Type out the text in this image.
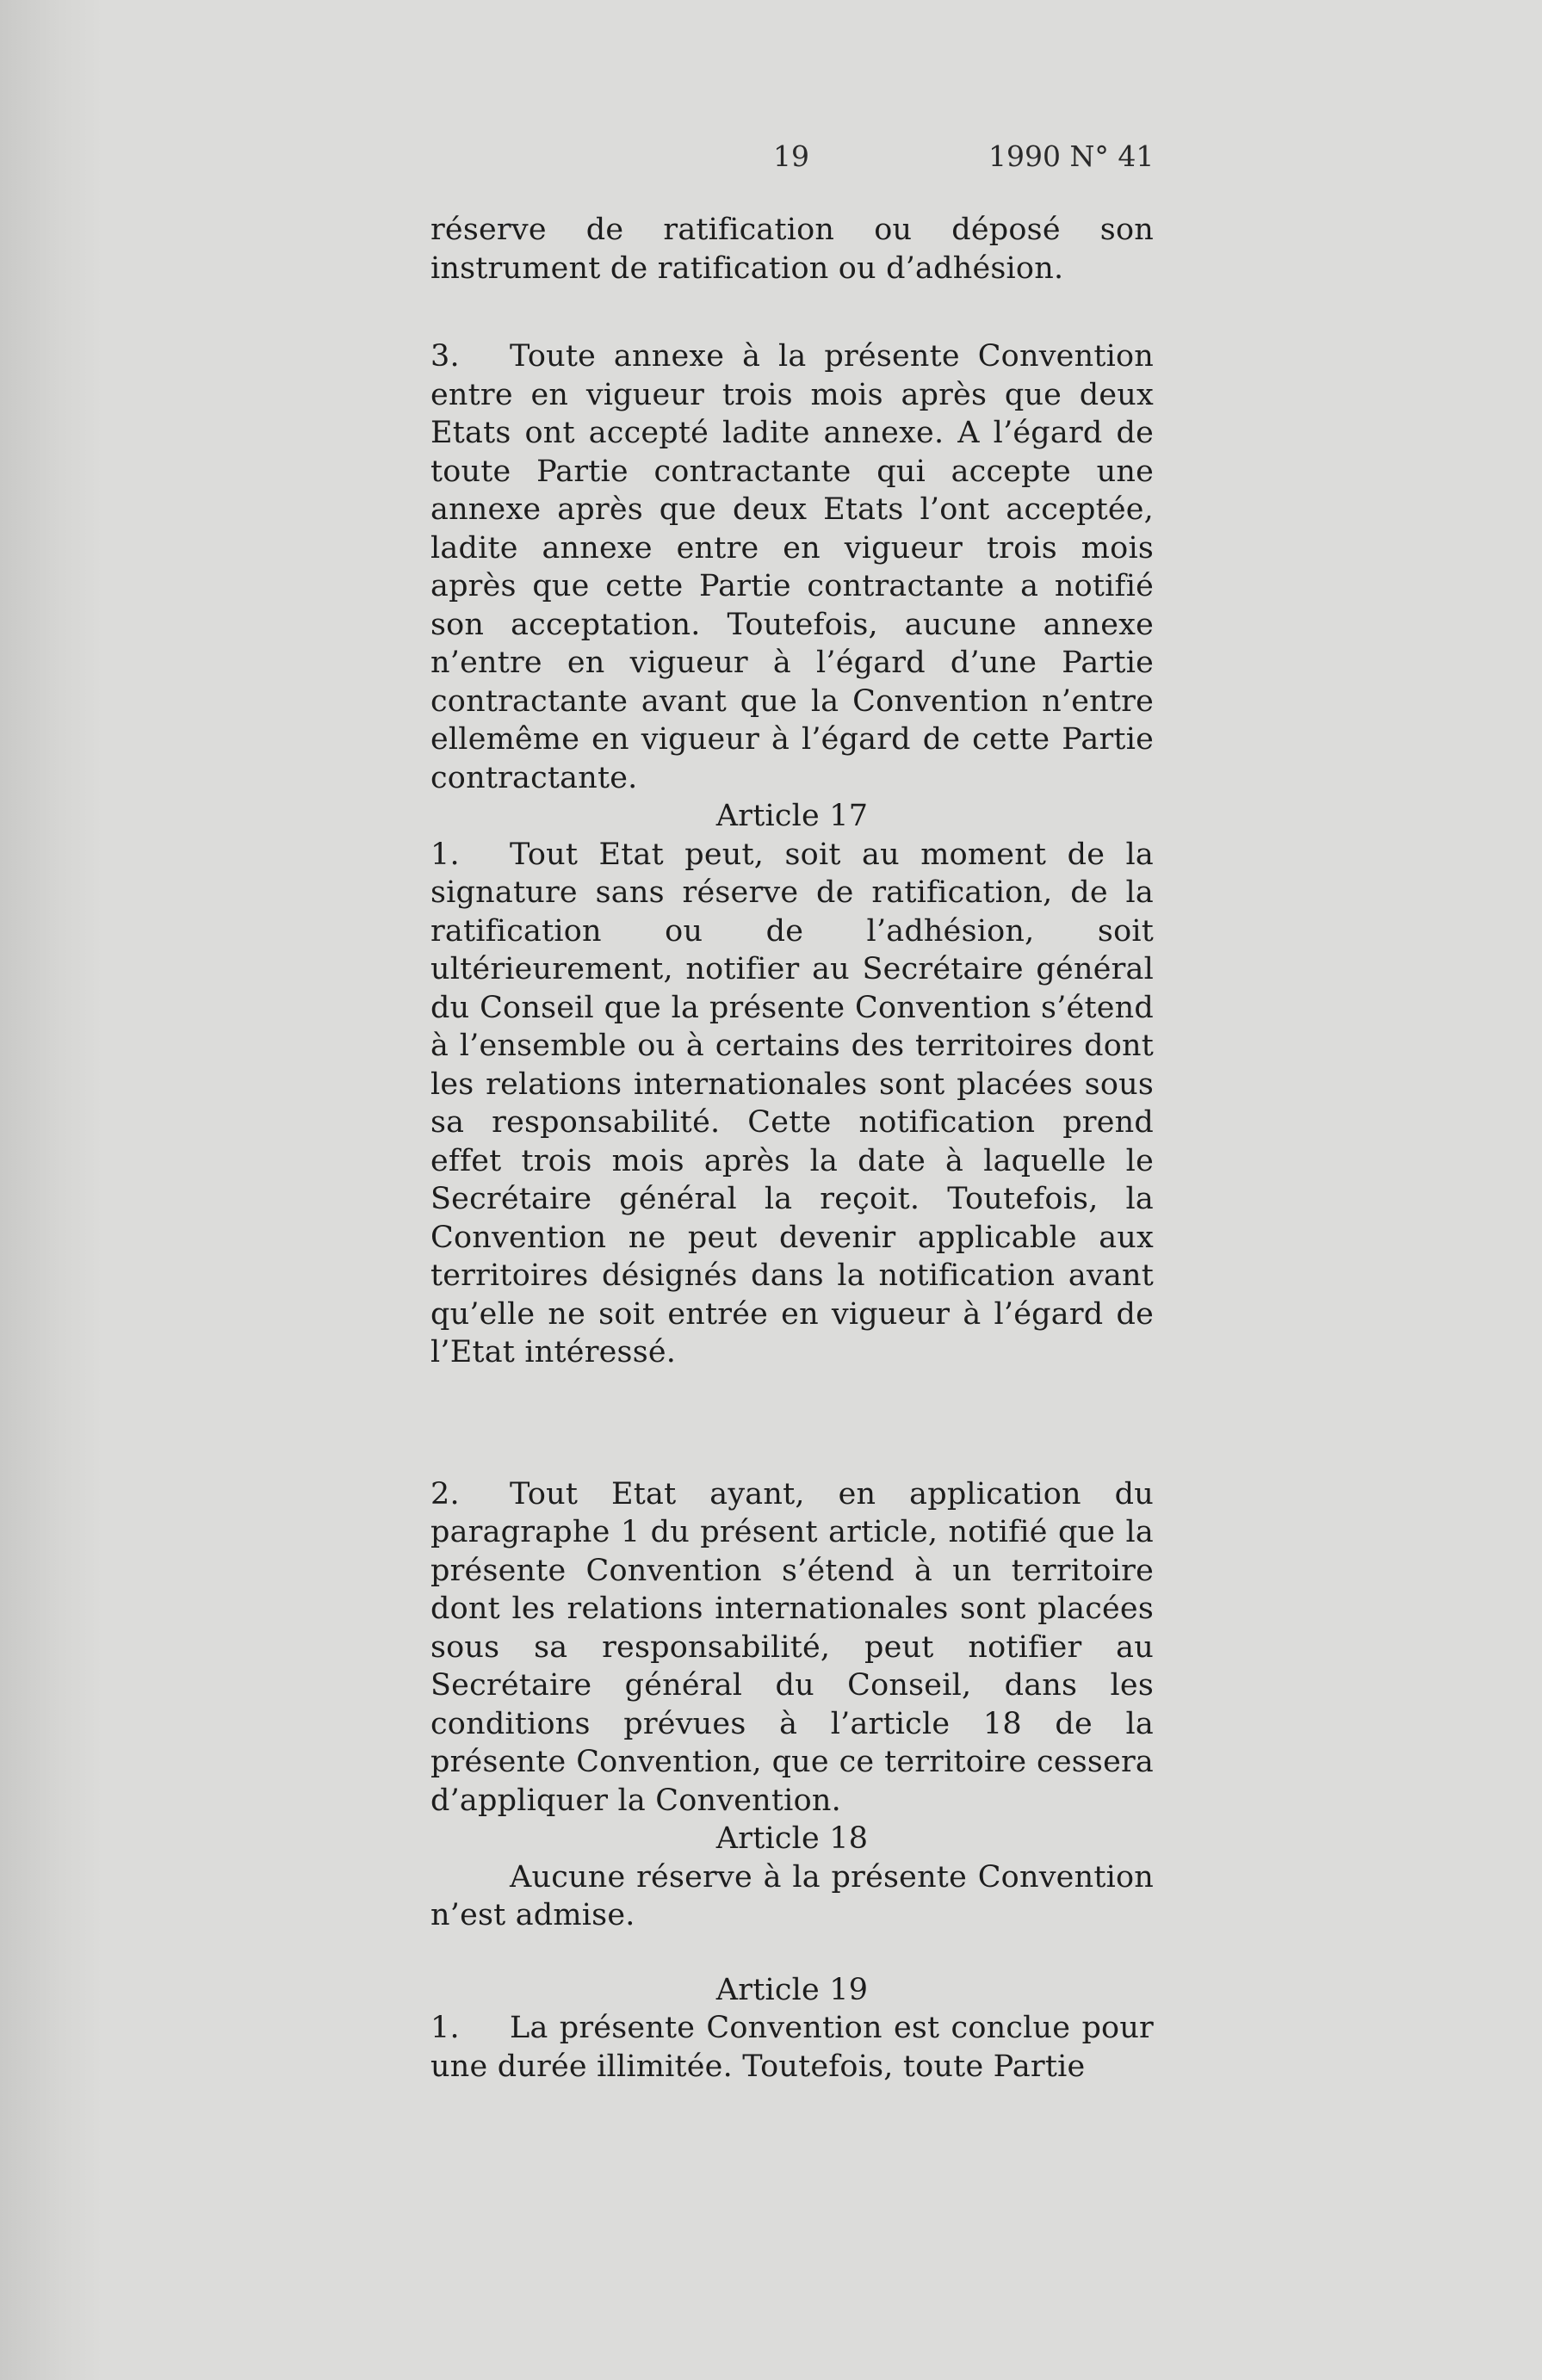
19	1990 N° 41

réserve de ratification ou déposé son instrument de ratification ou d’adhésion.

3. Toute annexe à la présente Convention entre en vigueur trois mois après que deux Etats ont accepté ladite annexe. A l’égard de toute Partie contractante qui accepte une annexe après que deux Etats l’ont acceptée, ladite annexe entre en vigueur trois mois après que cette Partie contractante a notifié son acceptation. Toutefois, aucune annexe n’entre en vigueur à l’égard d’une Partie contractante avant que la Convention n’entre ellemême en vigueur à l’égard de cette Partie contractante.

Article 17

1. Tout Etat peut, soit au moment de la signature sans réserve de ratification, de la ratification ou de l’adhésion, soit ultérieurement, notifier au Secrétaire général du Conseil que la présente Convention s’étend à l’ensemble ou à certains des territoires dont les relations internationales sont placées sous sa responsabilité. Cette notification prend effet trois mois après la date à laquelle le Secrétaire général la reçoit. Toutefois, la Convention ne peut devenir applicable aux territoires désignés dans la notification avant qu’elle ne soit entrée en vigueur à l’égard de l’Etat intéressé.

2. Tout Etat ayant, en application du paragraphe 1 du présent article, notifié que la présente Convention s’étend à un territoire dont les relations internationales sont placées sous sa responsabilité, peut notifier au Secrétaire général du Conseil, dans les conditions prévues à l’article 18 de la présente Convention, que ce territoire cessera d’appliquer la Convention.

Article 18

Aucune réserve à la présente Convention n’est admise.

Article 19

1. La présente Convention est conclue pour une durée illimitée. Toutefois, toute Partie
